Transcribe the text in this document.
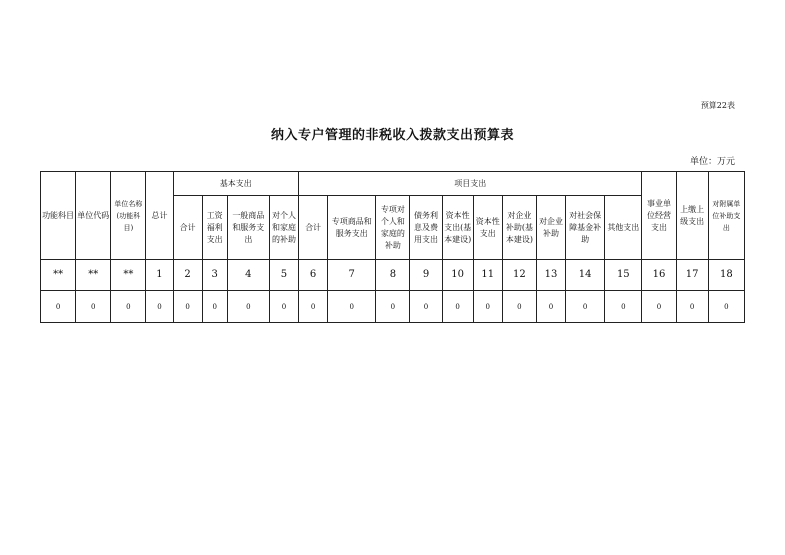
预算22表
纳入专户管理的非税收入拨款支出预算表
单位：万元
功能科目	单位代码	单位名称(功能科目)	总计	基本支出				项目支出										事业单位经营支出	上缴上级支出	对附属单位补助支出
				合计	工资福利支出	一般商品和服务支出	对个人和家庭的补助	合计	专项商品和服务支出	专项对个人和家庭的补助	债务利息及费用支出	资本性支出(基本建设)	资本性支出	对企业补助(基本建设)	对企业补助	对社会保障基金补助	其他支出			
**	**	**	1	2	3	4	5	6	7	8	9	10	11	12	13	14	15	16	17	18
0	0	0	0	0	0	0	0	0	0	0	0	0	0	0	0	0	0	0	0	0
